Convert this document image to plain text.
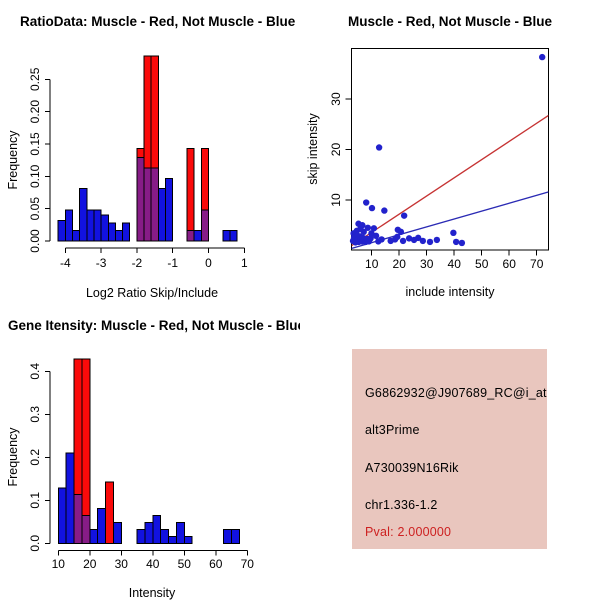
0.00
0.05
0.10
0.15
0.20
0.25
-4 -3 -2 -1 0 1
RatioData: Muscle - Red, Not Muscle - Blue
Log2 Ratio Skip/Include
Frequency
10
20
30
10 20 30 40 50 60 70
Muscle - Red, Not Muscle - Blue
include intensity
skip intensity
0.0
0.1
0.2
0.3
0.4
10 20 30 40 50 60 70
Gene Itensity: Muscle - Red, Not Muscle - Blue
Intensity
Frequency
G6862932@J907689_RC@i_at
alt3Prime
A730039N16Rik
chr1.336-1.2
Pval: 2.000000
